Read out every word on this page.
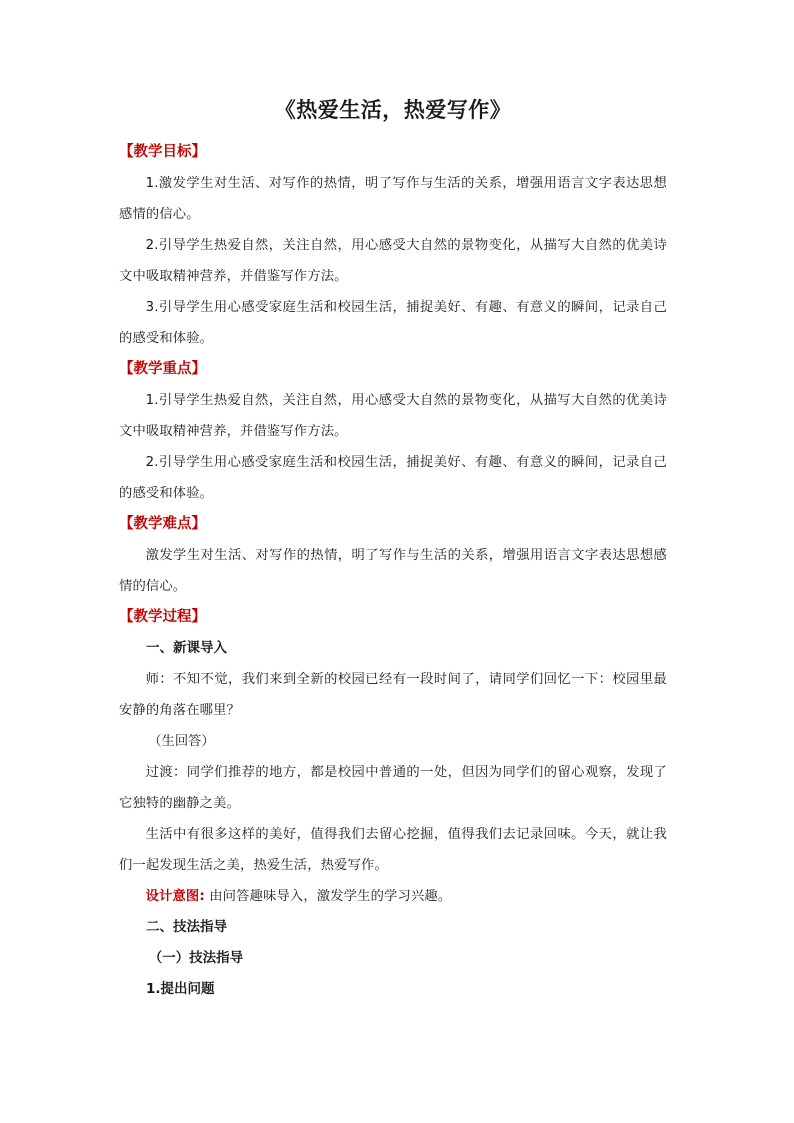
《热爱生活，热爱写作》
【教学目标】

1.激发学生对生活、对写作的热情，明了写作与生活的关系，增强用语言文字表达思想感情的信心。

2.引导学生热爱自然，关注自然，用心感受大自然的景物变化，从描写大自然的优美诗文中吸取精神营养，并借鉴写作方法。

3.引导学生用心感受家庭生活和校园生活，捕捉美好、有趣、有意义的瞬间，记录自己的感受和体验。

【教学重点】

1.引导学生热爱自然，关注自然，用心感受大自然的景物变化，从描写大自然的优美诗文中吸取精神营养，并借鉴写作方法。

2.引导学生用心感受家庭生活和校园生活，捕捉美好、有趣、有意义的瞬间，记录自己的感受和体验。

【教学难点】

激发学生对生活、对写作的热情，明了写作与生活的关系，增强用语言文字表达思想感情的信心。

【教学过程】

一、新课导入

师：不知不觉，我们来到全新的校园已经有一段时间了，请同学们回忆一下：校园里最安静的角落在哪里？

（生回答）

过渡：同学们推荐的地方，都是校园中普通的一处，但因为同学们的留心观察，发现了它独特的幽静之美。

生活中有很多这样的美好，值得我们去留心挖掘，值得我们去记录回味。今天，就让我们一起发现生活之美，热爱生活，热爱写作。

设计意图: 由问答趣味导入，激发学生的学习兴趣。

二、技法指导

（一）技法指导

1.提出问题
